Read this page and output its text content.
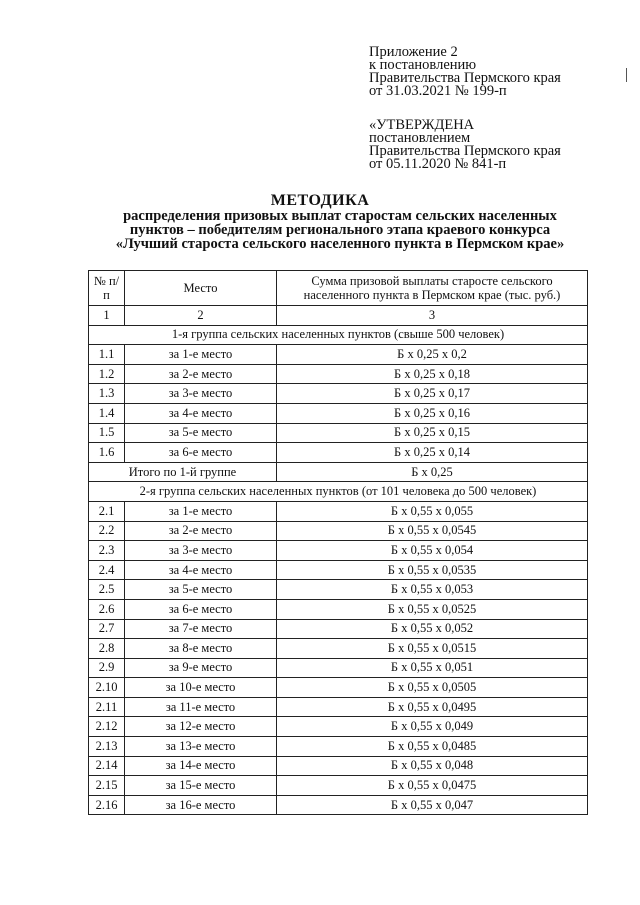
Приложение 2
к постановлению
Правительства Пермского края
от 31.03.2021 № 199-п
«УТВЕРЖДЕНА
постановлением
Правительства Пермского края
от 05.11.2020 № 841-п
МЕТОДИКА
распределения призовых выплат старостам сельских населенных
пунктов – победителям регионального этапа краевого конкурса
«Лучший староста сельского населенного пункта в Пермском крае»
№ п/п	Место	Сумма призовой выплаты старосте сельского населенного пункта в Пермском крае (тыс. руб.)
1	2	3
1-я группа сельских населенных пунктов (свыше 500 человек)		
1.1	за 1-е место	Б х 0,25 х 0,2
1.2	за 2-е место	Б х 0,25 х 0,18
1.3	за 3-е место	Б х 0,25 х 0,17
1.4	за 4-е место	Б х 0,25 х 0,16
1.5	за 5-е место	Б х 0,25 х 0,15
1.6	за 6-е место	Б х 0,25 х 0,14
Итого по 1-й группе		Б х 0,25
2-я группа сельских населенных пунктов (от 101 человека до 500 человек)		
2.1	за 1-е место	Б х 0,55 х 0,055
2.2	за 2-е место	Б х 0,55 х 0,0545
2.3	за 3-е место	Б х 0,55 х 0,054
2.4	за 4-е место	Б х 0,55 х 0,0535
2.5	за 5-е место	Б х 0,55 х 0,053
2.6	за 6-е место	Б х 0,55 х 0,0525
2.7	за 7-е место	Б х 0,55 х 0,052
2.8	за 8-е место	Б х 0,55 х 0,0515
2.9	за 9-е место	Б х 0,55 х 0,051
2.10	за 10-е место	Б х 0,55 х 0,0505
2.11	за 11-е место	Б х 0,55 х 0,0495
2.12	за 12-е место	Б х 0,55 х 0,049
2.13	за 13-е место	Б х 0,55 х 0,0485
2.14	за 14-е место	Б х 0,55 х 0,048
2.15	за 15-е место	Б х 0,55 х 0,0475
2.16	за 16-е место	Б х 0,55 х 0,047
